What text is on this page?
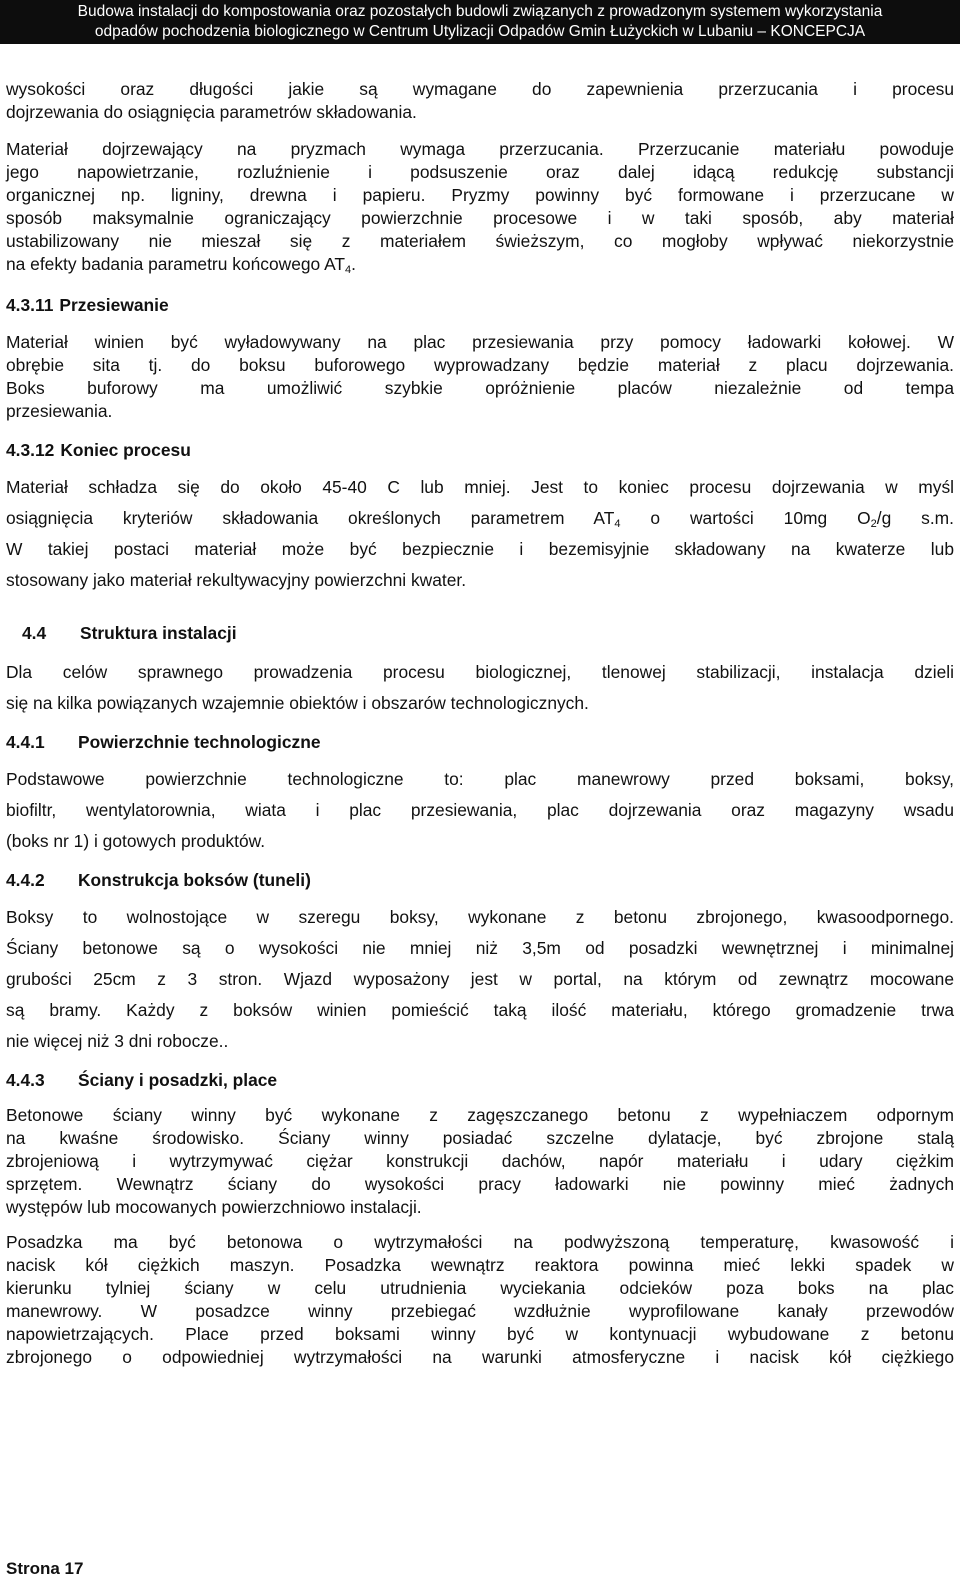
Budowa instalacji do kompostowania oraz pozostałych budowli związanych z prowadzonym systemem wykorzystania
odpadów pochodzenia biologicznego w Centrum Utylizacji Odpadów Gmin Łużyckich w Lubaniu – KONCEPCJA

wysokości oraz długości jakie są wymagane do zapewnienia przerzucania i procesu
dojrzewania do osiągnięcia parametrów składowania.

Materiał dojrzewający na pryzmach wymaga przerzucania. Przerzucanie materiału powoduje
jego napowietrzanie, rozluźnienie i podsuszenie oraz dalej idącą redukcję substancji
organicznej np. ligniny, drewna i papieru. Pryzmy powinny być formowane i przerzucane w
sposób maksymalnie ograniczający powierzchnie procesowe i w taki sposób, aby materiał
ustabilizowany nie mieszał się z materiałem świeższym, co mogłoby wpływać niekorzystnie
na efekty badania parametru końcowego $AT_4$.

4.3.11 Przesiewanie

Materiał winien być wyładowywany na plac przesiewania przy pomocy ładowarki kołowej. W
obrębie sita tj. do boksu buforowego wyprowadzany będzie materiał z placu dojrzewania.
Boks buforowy ma umożliwić szybkie opróżnienie placów niezależnie od tempa
przesiewania.

4.3.12 Koniec procesu

Materiał schładza się do około 45-40 C lub mniej. Jest to koniec procesu dojrzewania w myśl
osiągnięcia kryteriów składowania określonych parametrem $AT_4$ o wartości 10mg $O_2/g$ s.m.
W takiej postaci materiał może być bezpiecznie i bezemisyjnie składowany na kwaterze lub
stosowany jako materiał rekultywacyjny powierzchni kwater.

4.4 Struktura instalacji

Dla celów sprawnego prowadzenia procesu biologicznej, tlenowej stabilizacji, instalacja dzieli
się na kilka powiązanych wzajemnie obiektów i obszarów technologicznych.

4.4.1 Powierzchnie technologiczne

Podstawowe powierzchnie technologiczne to: plac manewrowy przed boksami, boksy,
biofiltr, wentylatorownia, wiata i plac przesiewania, plac dojrzewania oraz magazyny wsadu
(boks nr 1) i gotowych produktów.

4.4.2 Konstrukcja boksów (tuneli)

Boksy to wolnostojące w szeregu boksy, wykonane z betonu zbrojonego, kwasoodpornego.
Ściany betonowe są o wysokości nie mniej niż 3,5m od posadzki wewnętrznej i minimalnej
grubości 25cm z 3 stron. Wjazd wyposażony jest w portal, na którym od zewnątrz mocowane
są bramy. Każdy z boksów winien pomieścić taką ilość materiału, którego gromadzenie trwa
nie więcej niż 3 dni robocze..

4.4.3 Ściany i posadzki, place

Betonowe ściany winny być wykonane z zagęszczanego betonu z wypełniaczem odpornym
na kwaśne środowisko. Ściany winny posiadać szczelne dylatacje, być zbrojone stalą
zbrojeniową i wytrzymywać ciężar konstrukcji dachów, napór materiału i udary ciężkim
sprzętem. Wewnątrz ściany do wysokości pracy ładowarki nie powinny mieć żadnych
występów lub mocowanych powierzchniowo instalacji.

Posadzka ma być betonowa o wytrzymałości na podwyższoną temperaturę, kwasowość i
nacisk kół ciężkich maszyn. Posadzka wewnątrz reaktora powinna mieć lekki spadek w
kierunku tylniej ściany w celu utrudnienia wyciekania odcieków poza boks na plac
manewrowy. W posadzce winny przebiegać wzdłużnie wyprofilowane kanały przewodów
napowietrzających. Place przed boksami winny być w kontynuacji wybudowane z betonu
zbrojonego o odpowiedniej wytrzymałości na warunki atmosferyczne i nacisk kół ciężkiego

Strona 17
